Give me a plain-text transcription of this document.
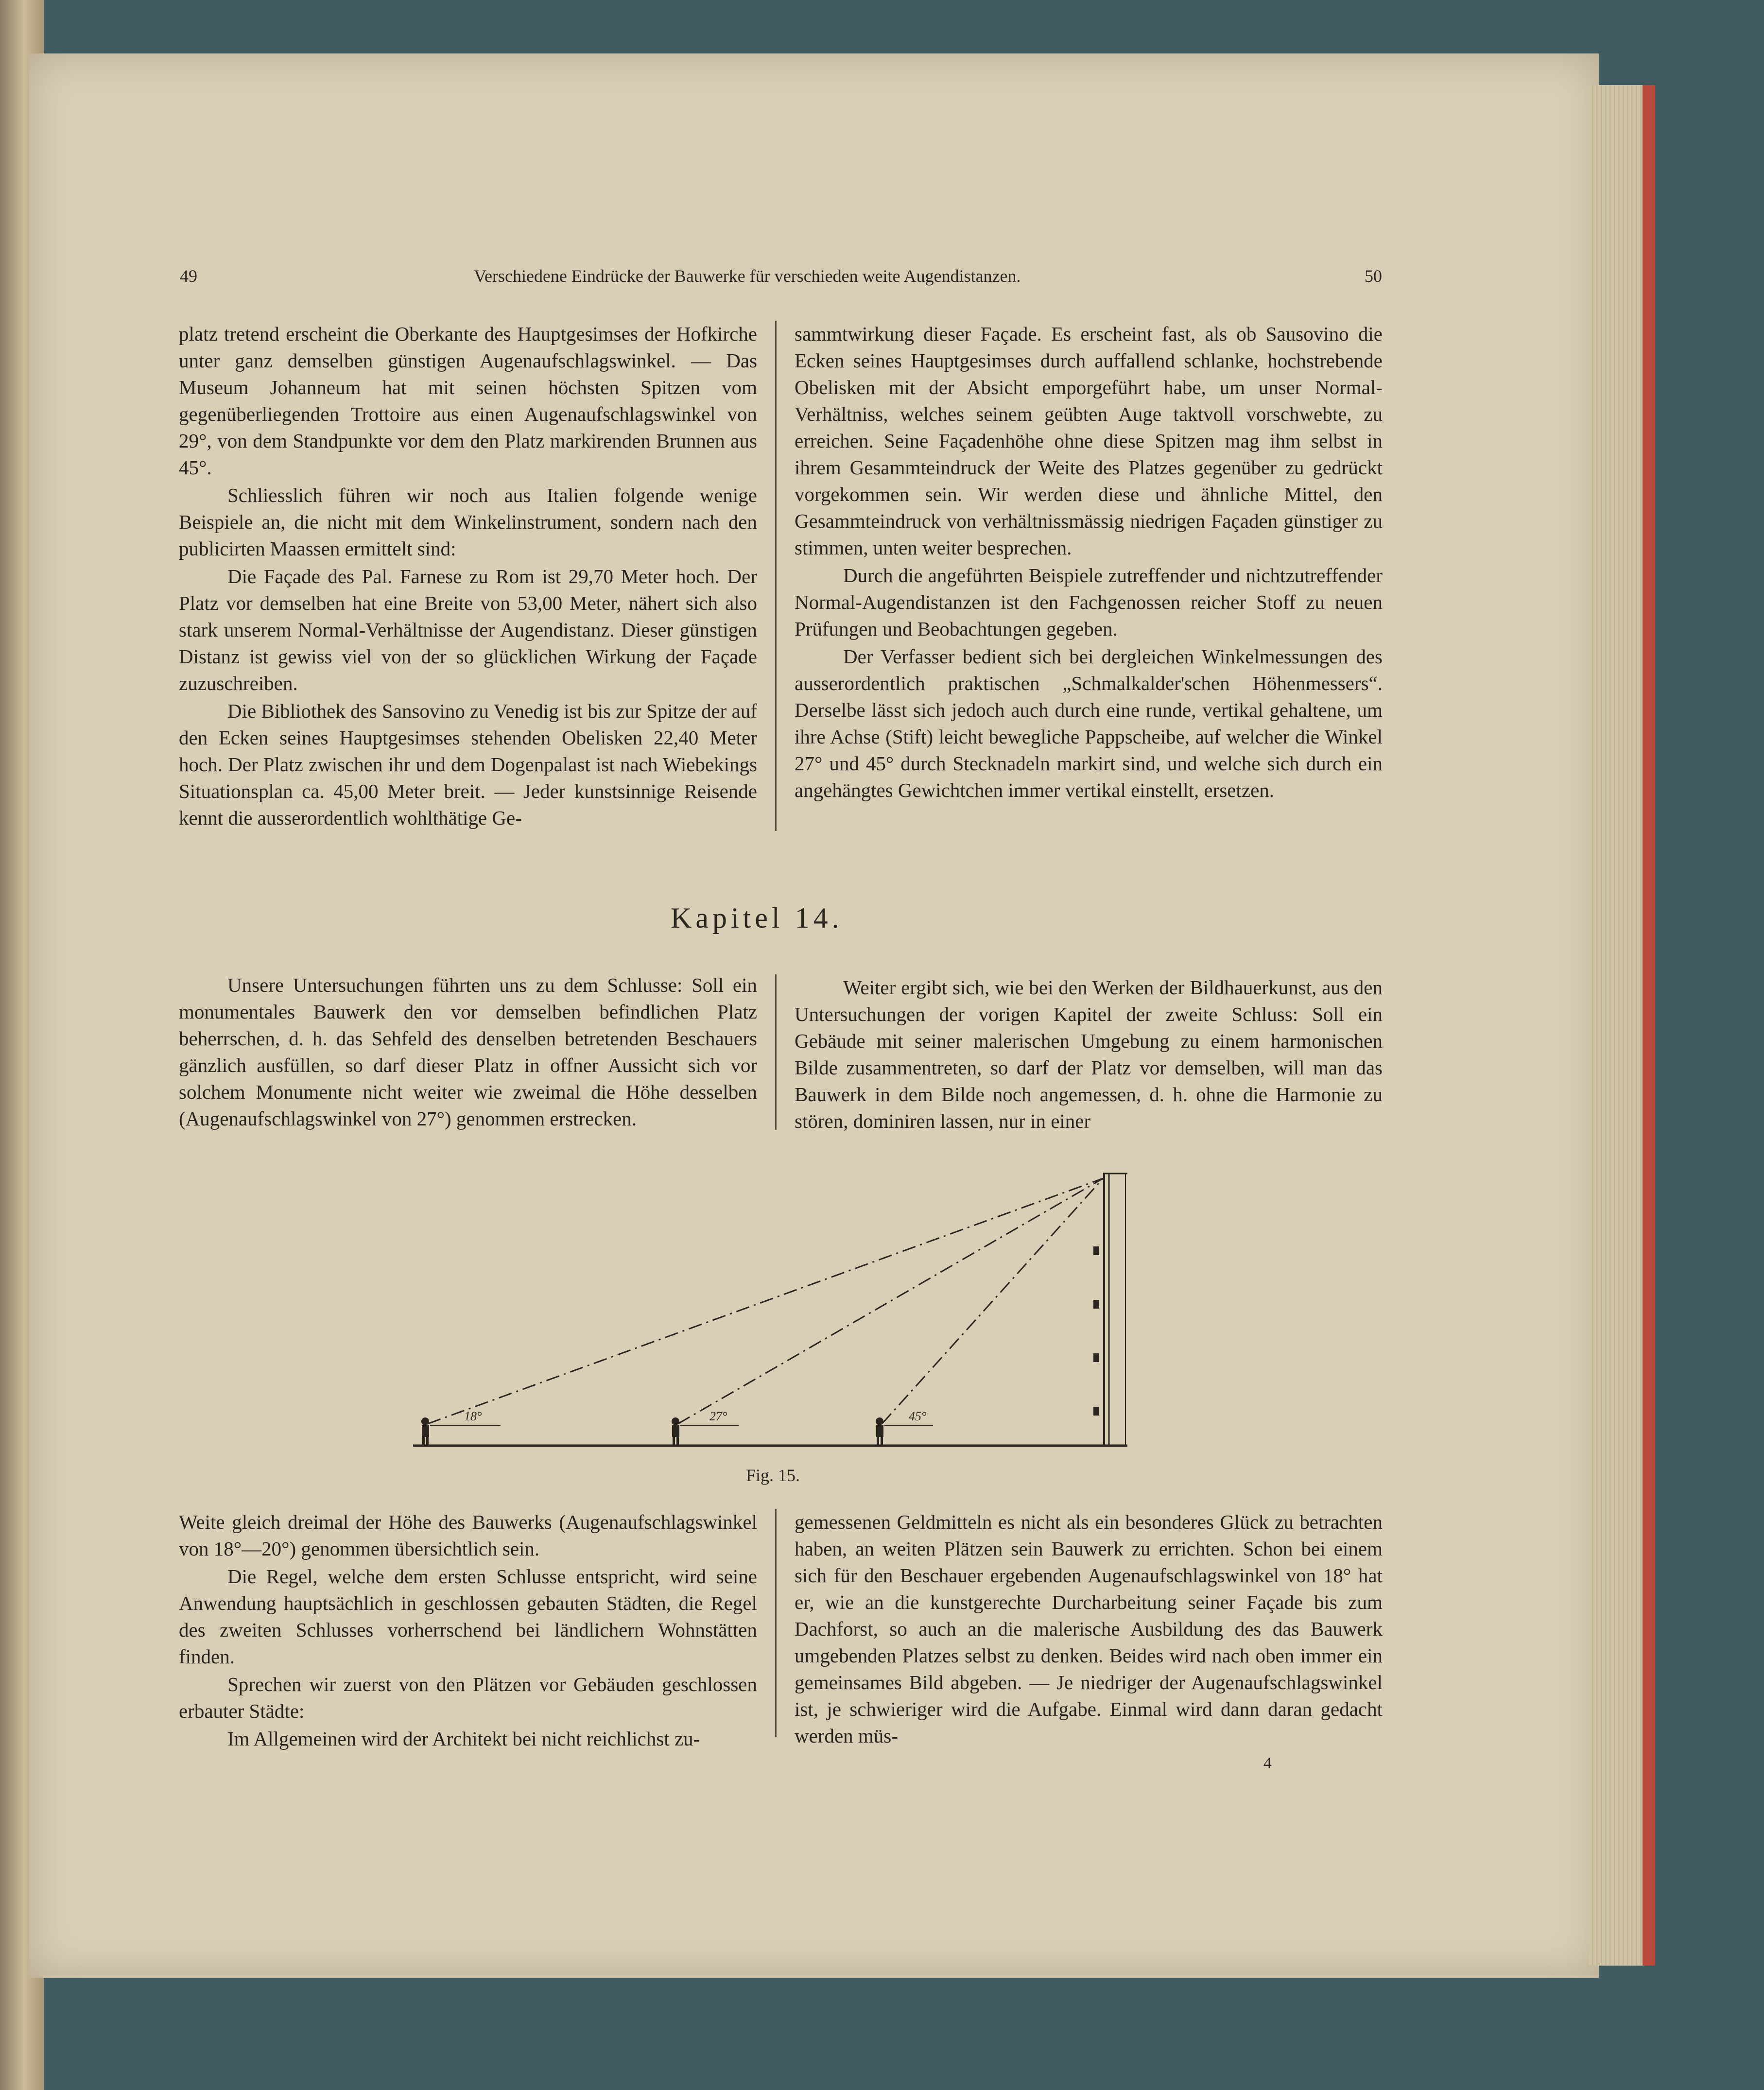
49	Verschiedene Eindrücke der Bauwerke für verschieden weite Augendistanzen.	50

platz tretend erscheint die Oberkante des Hauptgesimses der Hofkirche unter ganz demselben günstigen Augenaufschlagswinkel. — Das Museum Johanneum hat mit seinen höchsten Spitzen vom gegenüberliegenden Trottoire aus einen Augenaufschlagswinkel von 29°, von dem Standpunkte vor dem den Platz markirenden Brunnen aus 45°.

Schliesslich führen wir noch aus Italien folgende wenige Beispiele an, die nicht mit dem Winkelinstrument, sondern nach den publicirten Maassen ermittelt sind:

Die Façade des Pal. Farnese zu Rom ist 29,70 Meter hoch. Der Platz vor demselben hat eine Breite von 53,00 Meter, nähert sich also stark unserem Normal-Verhältnisse der Augendistanz. Dieser günstigen Distanz ist gewiss viel von der so glücklichen Wirkung der Façade zuzuschreiben.

Die Bibliothek des Sansovino zu Venedig ist bis zur Spitze der auf den Ecken seines Hauptgesimses stehenden Obelisken 22,40 Meter hoch. Der Platz zwischen ihr und dem Dogenpalast ist nach Wiebekings Situationsplan ca. 45,00 Meter breit. — Jeder kunstsinnige Reisende kennt die ausserordentlich wohlthätige Ge-

sammtwirkung dieser Façade. Es erscheint fast, als ob Sausovino die Ecken seines Hauptgesimses durch auffallend schlanke, hochstrebende Obelisken mit der Absicht emporgeführt habe, um unser Normal-Verhältniss, welches seinem geübten Auge taktvoll vorschwebte, zu erreichen. Seine Façadenhöhe ohne diese Spitzen mag ihm selbst in ihrem Gesammteindruck der Weite des Platzes gegenüber zu gedrückt vorgekommen sein. Wir werden diese und ähnliche Mittel, den Gesammteindruck von verhältnissmässig niedrigen Façaden günstiger zu stimmen, unten weiter besprechen.

Durch die angeführten Beispiele zutreffender und nichtzutreffender Normal-Augendistanzen ist den Fachgenossen reicher Stoff zu neuen Prüfungen und Beobachtungen gegeben.

Der Verfasser bedient sich bei dergleichen Winkelmessungen des ausserordentlich praktischen „Schmalkalder'schen Höhenmessers“. Derselbe lässt sich jedoch auch durch eine runde, vertikal gehaltene, um ihre Achse (Stift) leicht bewegliche Pappscheibe, auf welcher die Winkel 27° und 45° durch Stecknadeln markirt sind, und welche sich durch ein angehängtes Gewichtchen immer vertikal einstellt, ersetzen.

Kapitel 14.

Unsere Untersuchungen führten uns zu dem Schlusse: Soll ein monumentales Bauwerk den vor demselben befindlichen Platz beherrschen, d. h. das Sehfeld des denselben betretenden Beschauers gänzlich ausfüllen, so darf dieser Platz in offner Aussicht sich vor solchem Monumente nicht weiter wie zweimal die Höhe desselben (Augenaufschlagswinkel von 27°) genommen erstrecken.

Weiter ergibt sich, wie bei den Werken der Bildhauerkunst, aus den Untersuchungen der vorigen Kapitel der zweite Schluss: Soll ein Gebäude mit seiner malerischen Umgebung zu einem harmonischen Bilde zusammentreten, so darf der Platz vor demselben, will man das Bauwerk in dem Bilde noch angemessen, d. h. ohne die Harmonie zu stören, dominiren lassen, nur in einer

18°	27°	45°
Fig. 15.

Weite gleich dreimal der Höhe des Bauwerks (Augenaufschlagswinkel von 18°—20°) genommen übersichtlich sein.

Die Regel, welche dem ersten Schlusse entspricht, wird seine Anwendung hauptsächlich in geschlossen gebauten Städten, die Regel des zweiten Schlusses vorherrschend bei ländlichern Wohnstätten finden.

Sprechen wir zuerst von den Plätzen vor Gebäuden geschlossen erbauter Städte:

Im Allgemeinen wird der Architekt bei nicht reichlichst zu-

gemessenen Geldmitteln es nicht als ein besonderes Glück zu betrachten haben, an weiten Plätzen sein Bauwerk zu errichten. Schon bei einem sich für den Beschauer ergebenden Augenaufschlagswinkel von 18° hat er, wie an die kunstgerechte Durcharbeitung seiner Façade bis zum Dachforst, so auch an die malerische Ausbildung des das Bauwerk umgebenden Platzes selbst zu denken. Beides wird nach oben immer ein gemeinsames Bild abgeben. — Je niedriger der Augenaufschlagswinkel ist, je schwieriger wird die Aufgabe. Einmal wird dann daran gedacht werden müs-

4
